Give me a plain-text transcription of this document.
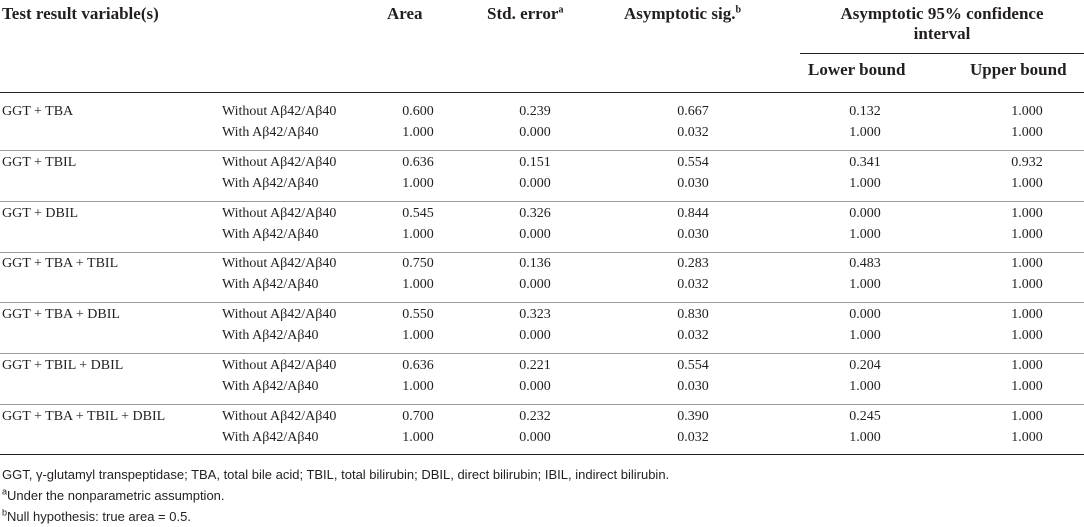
Test result variable(s)	Area	Std. error$^a$	Asymptotic sig.$^b$	Asymptotic 95% confidence
interval
Lower bound	Upper bound
GGT + TBA	Without Aβ42/Aβ40	0.600	0.239	0.667	0.132	1.000
With Aβ42/Aβ40	1.000	0.000	0.032	1.000	1.000
GGT + TBIL	Without Aβ42/Aβ40	0.636	0.151	0.554	0.341	0.932
With Aβ42/Aβ40	1.000	0.000	0.030	1.000	1.000
GGT + DBIL	Without Aβ42/Aβ40	0.545	0.326	0.844	0.000	1.000
With Aβ42/Aβ40	1.000	0.000	0.030	1.000	1.000
GGT + TBA + TBIL	Without Aβ42/Aβ40	0.750	0.136	0.283	0.483	1.000
With Aβ42/Aβ40	1.000	0.000	0.032	1.000	1.000
GGT + TBA + DBIL	Without Aβ42/Aβ40	0.550	0.323	0.830	0.000	1.000
With Aβ42/Aβ40	1.000	0.000	0.032	1.000	1.000
GGT + TBIL + DBIL	Without Aβ42/Aβ40	0.636	0.221	0.554	0.204	1.000
With Aβ42/Aβ40	1.000	0.000	0.030	1.000	1.000
GGT + TBA + TBIL + DBIL	Without Aβ42/Aβ40	0.700	0.232	0.390	0.245	1.000
With Aβ42/Aβ40	1.000	0.000	0.032	1.000	1.000
GGT, γ-glutamyl transpeptidase; TBA, total bile acid; TBIL, total bilirubin; DBIL, direct bilirubin; IBIL, indirect bilirubin.
$^a$Under the nonparametric assumption.
$^b$Null hypothesis: true area = 0.5.
